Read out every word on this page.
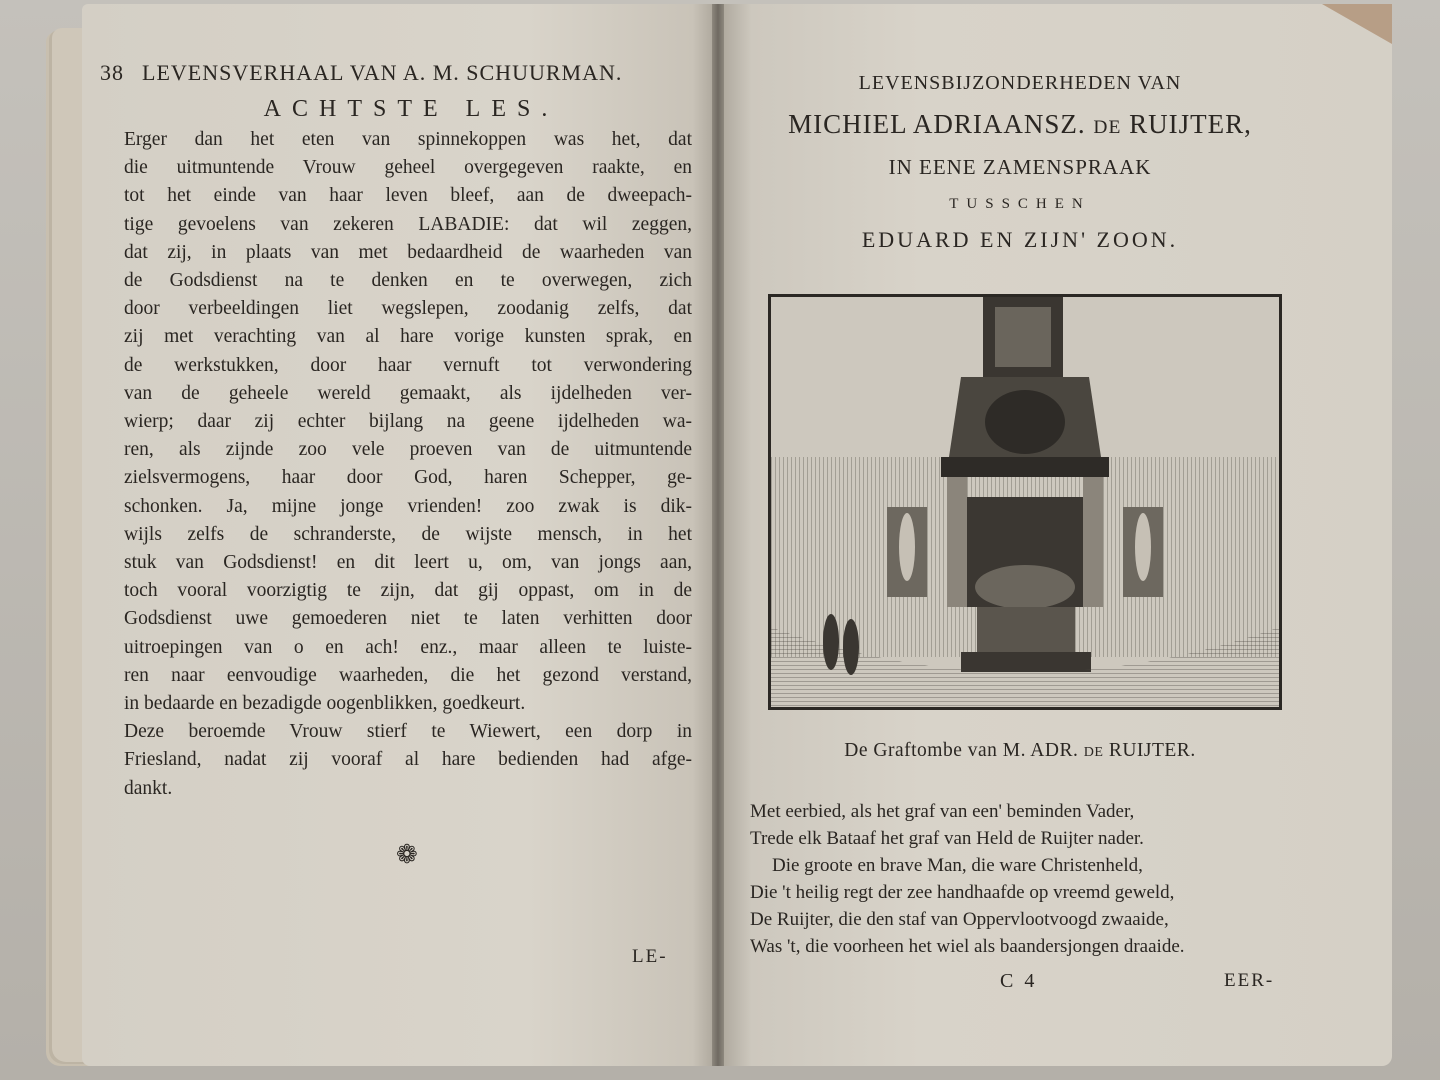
38 LEVENSVERHAAL VAN A. M. SCHUURMAN.
ACHTSTE LES.

Erger dan het eten van spinnekoppen was het, dat
die uitmuntende Vrouw geheel overgegeven raakte, en
tot het einde van haar leven bleef, aan de dweepach-
tige gevoelens van zekeren LABADIE: dat wil zeggen,
dat zij, in plaats van met bedaardheid de waarheden van
de Godsdienst na te denken en te overwegen, zich
door verbeeldingen liet wegslepen, zoodanig zelfs, dat
zij met verachting van al hare vorige kunsten sprak, en
de werkstukken, door haar vernuft tot verwondering
van de geheele wereld gemaakt, als ijdelheden ver-
wierp; daar zij echter bijlang na geene ijdelheden wa-
ren, als zijnde zoo vele proeven van de uitmuntende
zielsvermogens, haar door God, haren Schepper, ge-
schonken. Ja, mijne jonge vrienden! zoo zwak is dik-
wijls zelfs de schranderste, de wijste mensch, in het
stuk van Godsdienst! en dit leert u, om, van jongs aan,
toch vooral voorzigtig te zijn, dat gij oppast, om in de
Godsdienst uwe gemoederen niet te laten verhitten door
uitroepingen van o en ach! enz., maar alleen te luiste-
ren naar eenvoudige waarheden, die het gezond verstand,
in bedaarde en bezadigde oogenblikken, goedkeurt.

Deze beroemde Vrouw stierf te Wiewert, een dorp in
Friesland, nadat zij vooraf al hare bedienden had afge-
dankt.

❁
LE-
LEVENSBIJZONDERHEDEN VAN
MICHIEL ADRIAANSZ. DE RUIJTER,
IN EENE ZAMENSPRAAK
TUSSCHEN
EDUARD EN ZIJN' ZOON.
De Graftombe van M. ADR. DE RUIJTER.
Met eerbied, als het graf van een' beminden Vader,
Trede elk Bataaf het graf van Held de Ruijter nader.
Die groote en brave Man, die ware Christenheld,
Die 't heilig regt der zee handhaafde op vreemd geweld,
De Ruijter, die den staf van Oppervlootvoogd zwaaide,
Was 't, die voorheen het wiel als baandersjongen draaide.
C 4	EER-
